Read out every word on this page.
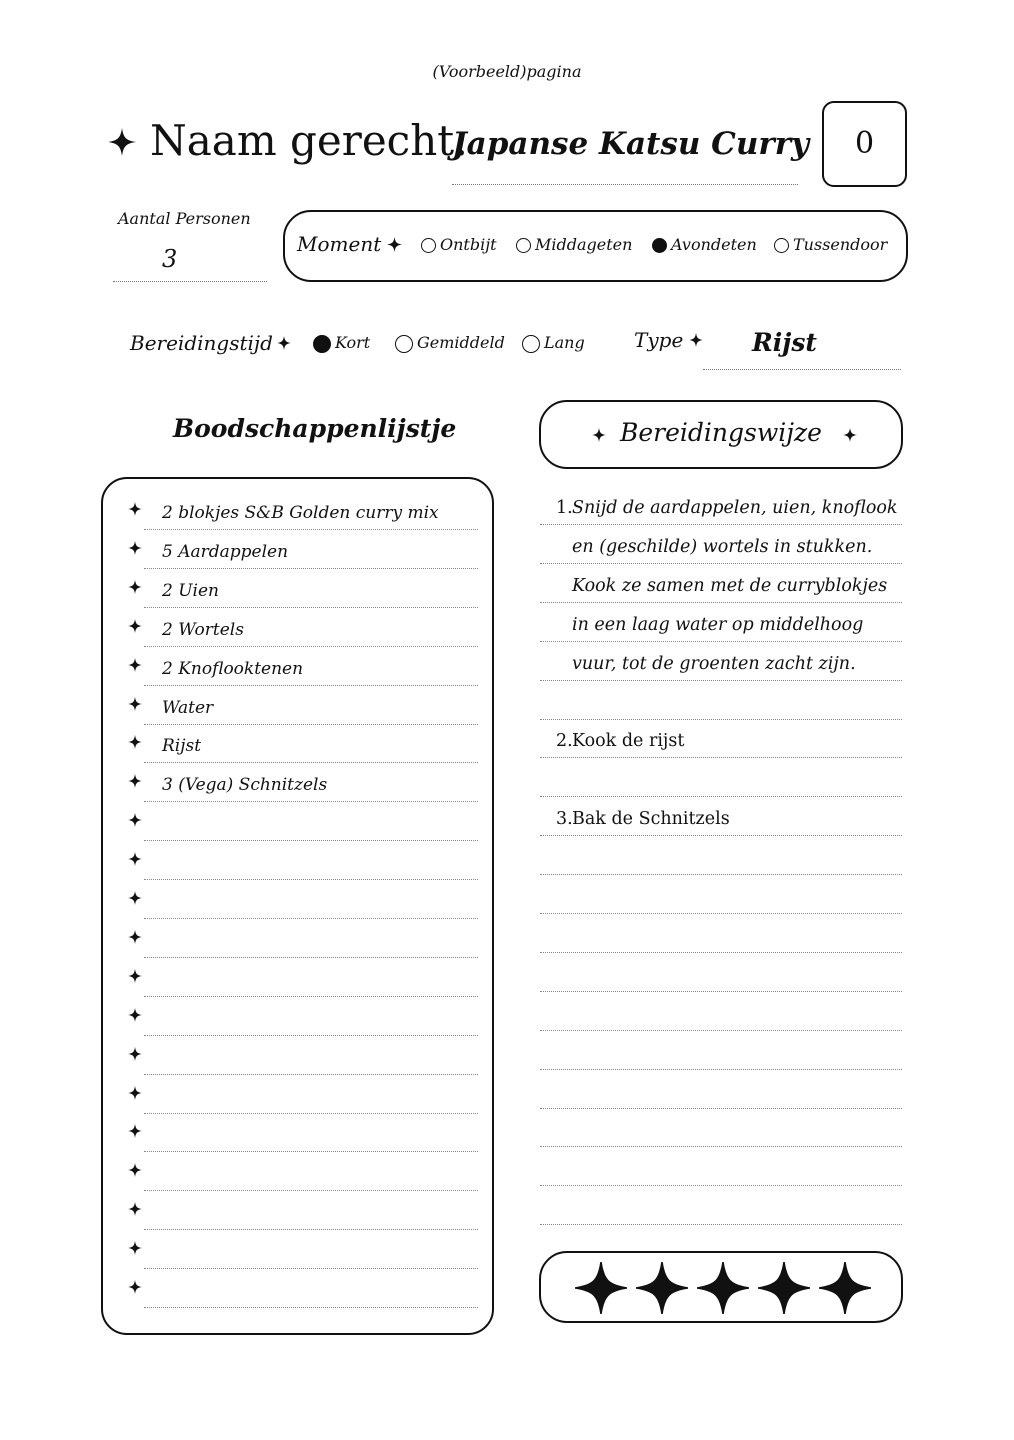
(Voorbeeld)pagina
Naam gerecht:
Japanse Katsu Curry	0
Aantal Personen
3
Moment	Ontbijt	Middageten	Avondeten	Tussendoor
Bereidingstijd	Kort	Gemiddeld	Lang Type	Rijst
Boodschappenlijstje
2 blokjes S&B Golden curry mix
5 Aardappelen
2 Uien
2 Wortels
2 Knoflooktenen
Water
Rijst
3 (Vega) Schnitzels
Bereidingswijze
1. Snijd de aardappelen, uien, knoflook
en (geschilde) wortels in stukken.
Kook ze samen met de curryblokjes
in een laag water op middelhoog
vuur, tot de groenten zacht zijn.
2. Kook de rijst
3. Bak de Schnitzels
